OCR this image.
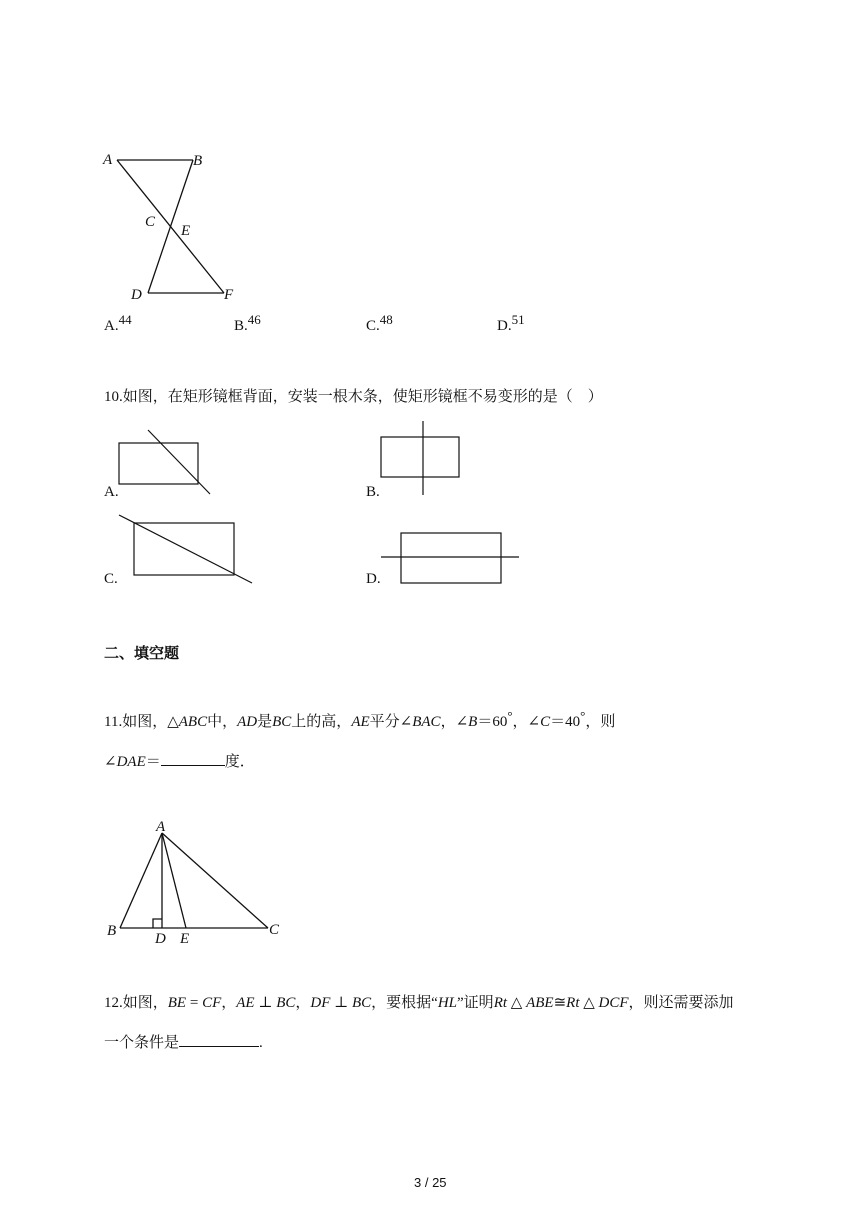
A	B
C
E
D	F
A.44	B.46	C.48	D.51
10.如图，在矩形镜框背面，安装一根木条，使矩形镜框不易变形的是（　）
A.	B.
C.	D.
二、填空题
11.如图，△ABC中，AD是BC上的高，AE平分∠BAC，∠B＝60°，∠C＝40°，则
∠DAE＝	度．
A
B	D E
C
12.如图，BE = CF，AE ⊥ BC，DF ⊥ BC，要根据“HL”证明Rt △ ABE≅Rt △ DCF，则还需要添加
一个条件是	.
3 / 25
